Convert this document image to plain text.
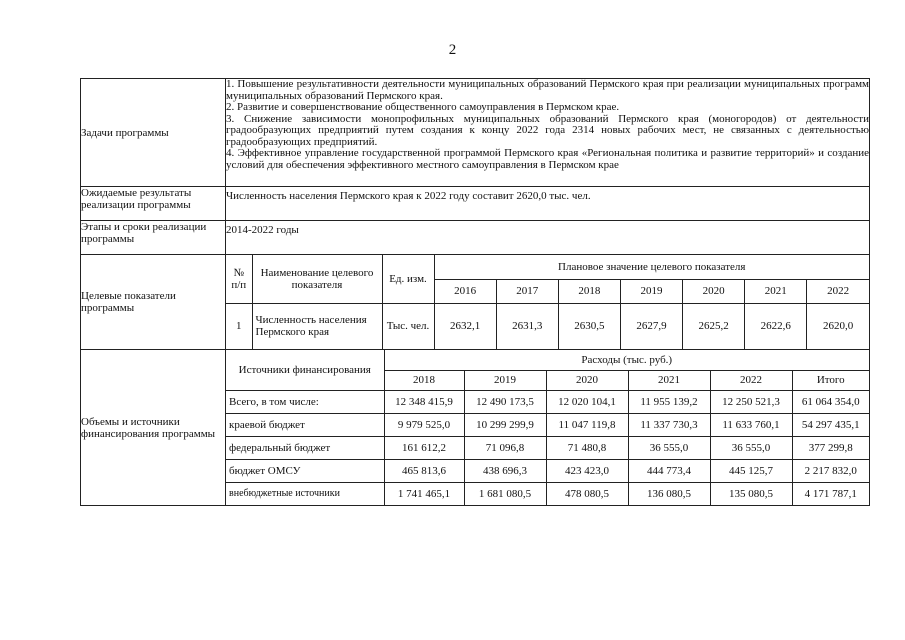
2
Задачи программы	
1. Повышение результативности деятельности муниципальных образований Пермского края при реализации муниципальных программ муниципальных образований Пермского края.
2. Развитие и совершенствование общественного самоуправления в Пермском крае.
3. Снижение зависимости монопрофильных муниципальных образований Пермского края (моногородов) от деятельности градообразующих предприятий путем создания к концу 2022 года 2314 новых рабочих мест, не связанных с деятельностью градообразующих предприятий.
4. Эффективное управление государственной программой Пермского края «Региональная политика и развитие территорий» и создание условий для обеспечения эффективного местного самоуправления в Пермском крае

Ожидаемые результаты реализации программы	Численность населения Пермского края к 2022 году составит 2620,0 тыс. чел.
Этапы и сроки реализации программы	2014-2022 годы
Целевые показатели программы	
№ п/п	Наименование целевого показателя	Ед. изм.	Плановое значение целевого показателя
2016	2017	2018	2019	2020	2021	2022
1	Численность населения Пермского края	Тыс. чел.	2632,1	2631,3	2630,5	2627,9	2625,2	2622,6	2620,0

Объемы и источники финансирования программы	
Источники финансирования	Расходы (тыс. руб.)
2018	2019	2020	2021	2022	Итого
Всего, в том числе:	12 348 415,9	12 490 173,5	12 020 104,1	11 955 139,2	12 250 521,3	61 064 354,0
краевой бюджет	9 979 525,0	10 299 299,9	11 047 119,8	11 337 730,3	11 633 760,1	54 297 435,1
федеральный бюджет	161 612,2	71 096,8	71 480,8	36 555,0	36 555,0	377 299,8
бюджет ОМСУ	465 813,6	438 696,3	423 423,0	444 773,4	445 125,7	2 217 832,0
внебюджетные источники	1 741 465,1	1 681 080,5	478 080,5	136 080,5	135 080,5	4 171 787,1
